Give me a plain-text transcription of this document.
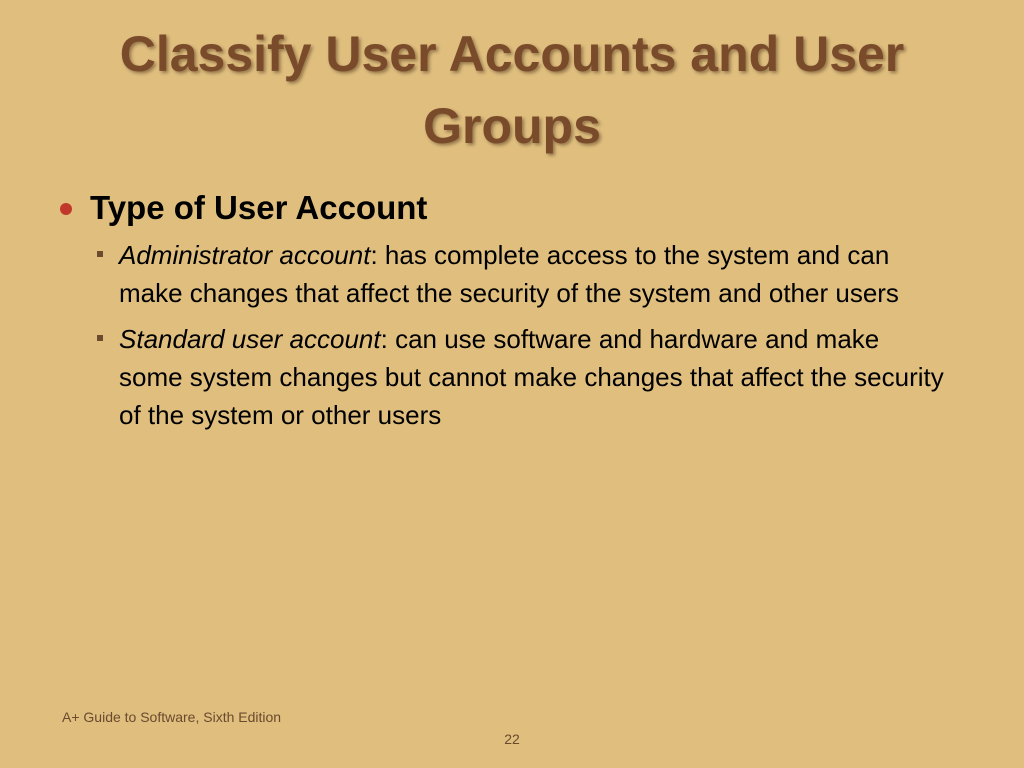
Classify User Accounts and User Groups
Type of User Account
Administrator account: has complete access to the system and can make changes that affect the security of the system and other users
Standard user account: can use software and hardware and make some system changes but cannot make changes that affect the security of the system or other users
A+ Guide to Software, Sixth Edition
22
